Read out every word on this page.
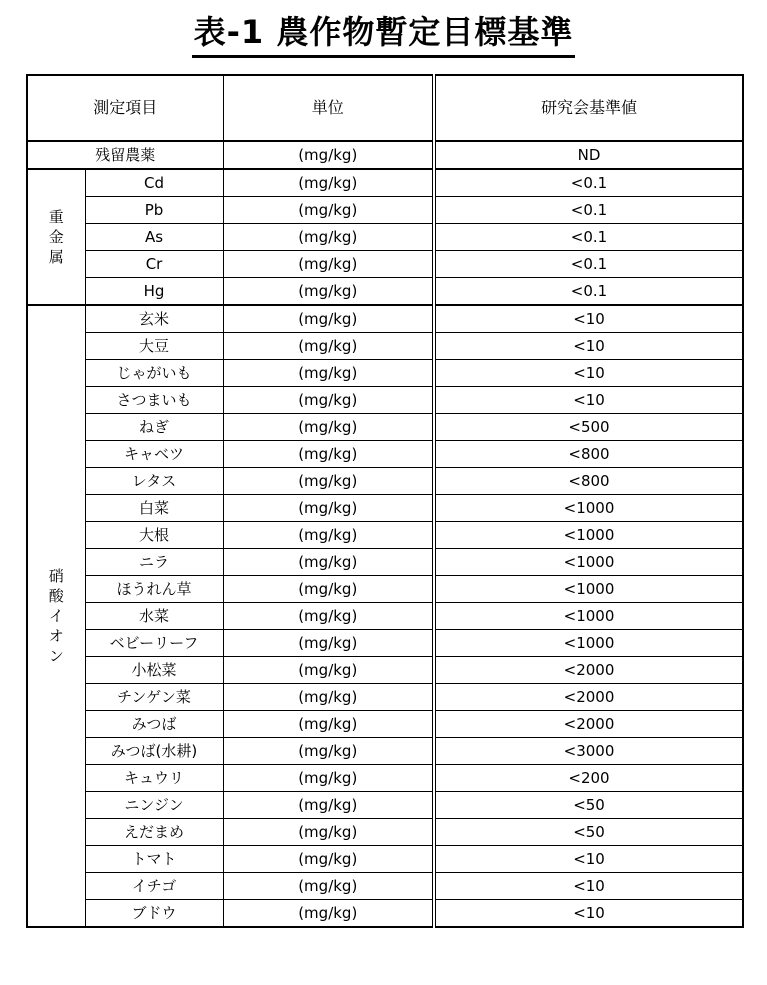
表-1 農作物暫定目標基準
測定項目		単位	研究会基準値
残留農薬		(mg/kg)	ND
重金属	Cd	(mg/kg)	<0.1
	Pb	(mg/kg)	<0.1
	As	(mg/kg)	<0.1
	Cr	(mg/kg)	<0.1
	Hg	(mg/kg)	<0.1
硝酸イオン	玄米	(mg/kg)	<10
	大豆	(mg/kg)	<10
	じゃがいも	(mg/kg)	<10
	さつまいも	(mg/kg)	<10
	ねぎ	(mg/kg)	<500
	キャベツ	(mg/kg)	<800
	レタス	(mg/kg)	<800
	白菜	(mg/kg)	<1000
	大根	(mg/kg)	<1000
	ニラ	(mg/kg)	<1000
	ほうれん草	(mg/kg)	<1000
	水菜	(mg/kg)	<1000
	ベビーリーフ	(mg/kg)	<1000
	小松菜	(mg/kg)	<2000
	チンゲン菜	(mg/kg)	<2000
	みつば	(mg/kg)	<2000
	みつば(水耕)	(mg/kg)	<3000
	キュウリ	(mg/kg)	<200
	ニンジン	(mg/kg)	<50
	えだまめ	(mg/kg)	<50
	トマト	(mg/kg)	<10
	イチゴ	(mg/kg)	<10
	ブドウ	(mg/kg)	<10
